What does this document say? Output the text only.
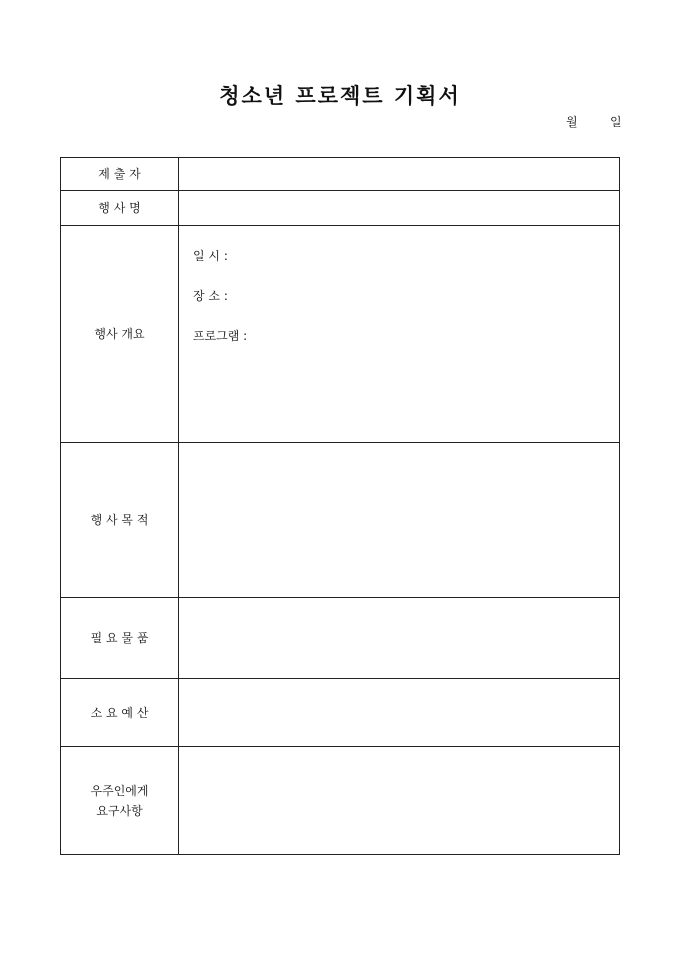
청소년 프로젝트 기획서
월	일
제 출 자	
행 사 명	
행사 개요	일 시 :
장 소 :
프로그램 :

행 사 목 적	
필 요 물 품	
소 요 예 산	

우주인에게
요구사항	
